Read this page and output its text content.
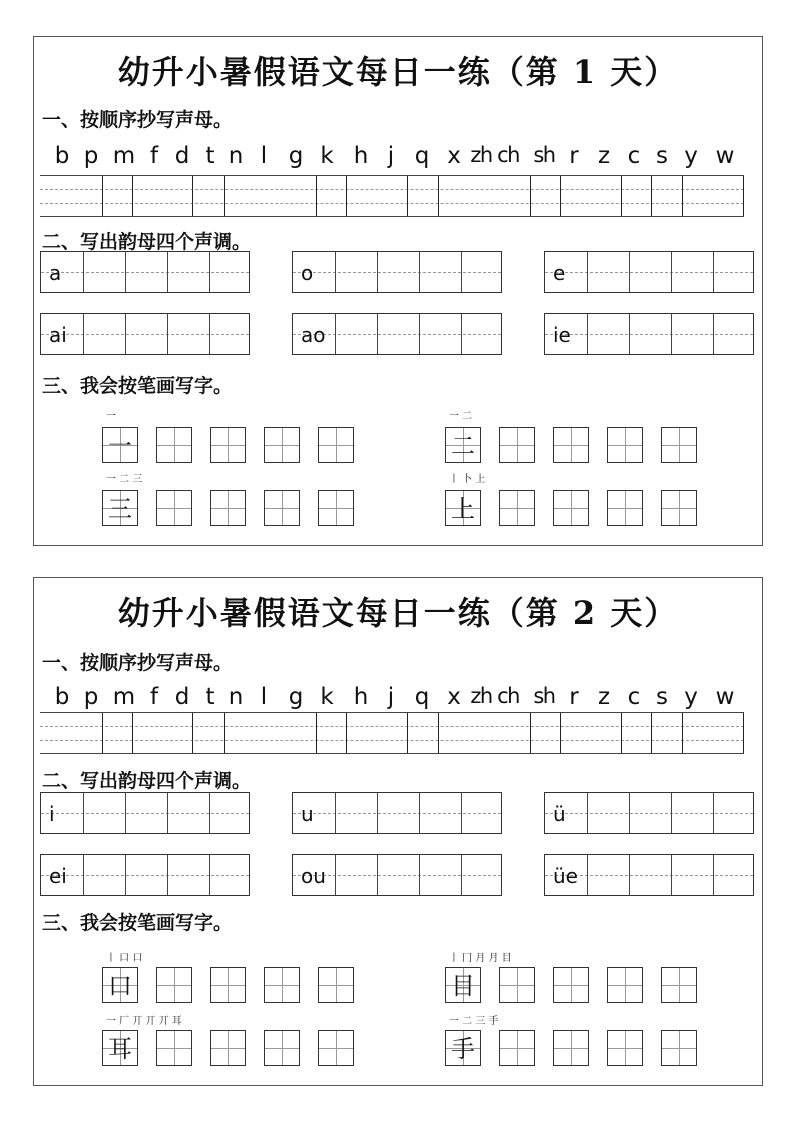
幼升小暑假语文每日一练（第 1 天）
一、按顺序抄写声母。
b p m f d t n l g k h j q x zh ch sh r z c s y w
二、写出韵母四个声调。
a	o	e
ai	ao	ie
三、我会按笔画写字。
一
一
二
一 二
三
一 二 三
上
丨 卜 上
幼升小暑假语文每日一练（第 2 天）
一、按顺序抄写声母。
b p m f d t n l g k h j q x zh ch sh r z c s y w
二、写出韵母四个声调。
i	u	ü
ei	ou	üe
三、我会按笔画写字。
口
丨 口 口
目
丨 冂 月 月 目
耳
一 厂 丌 丌 丌 耳
手
一 二 三 手
